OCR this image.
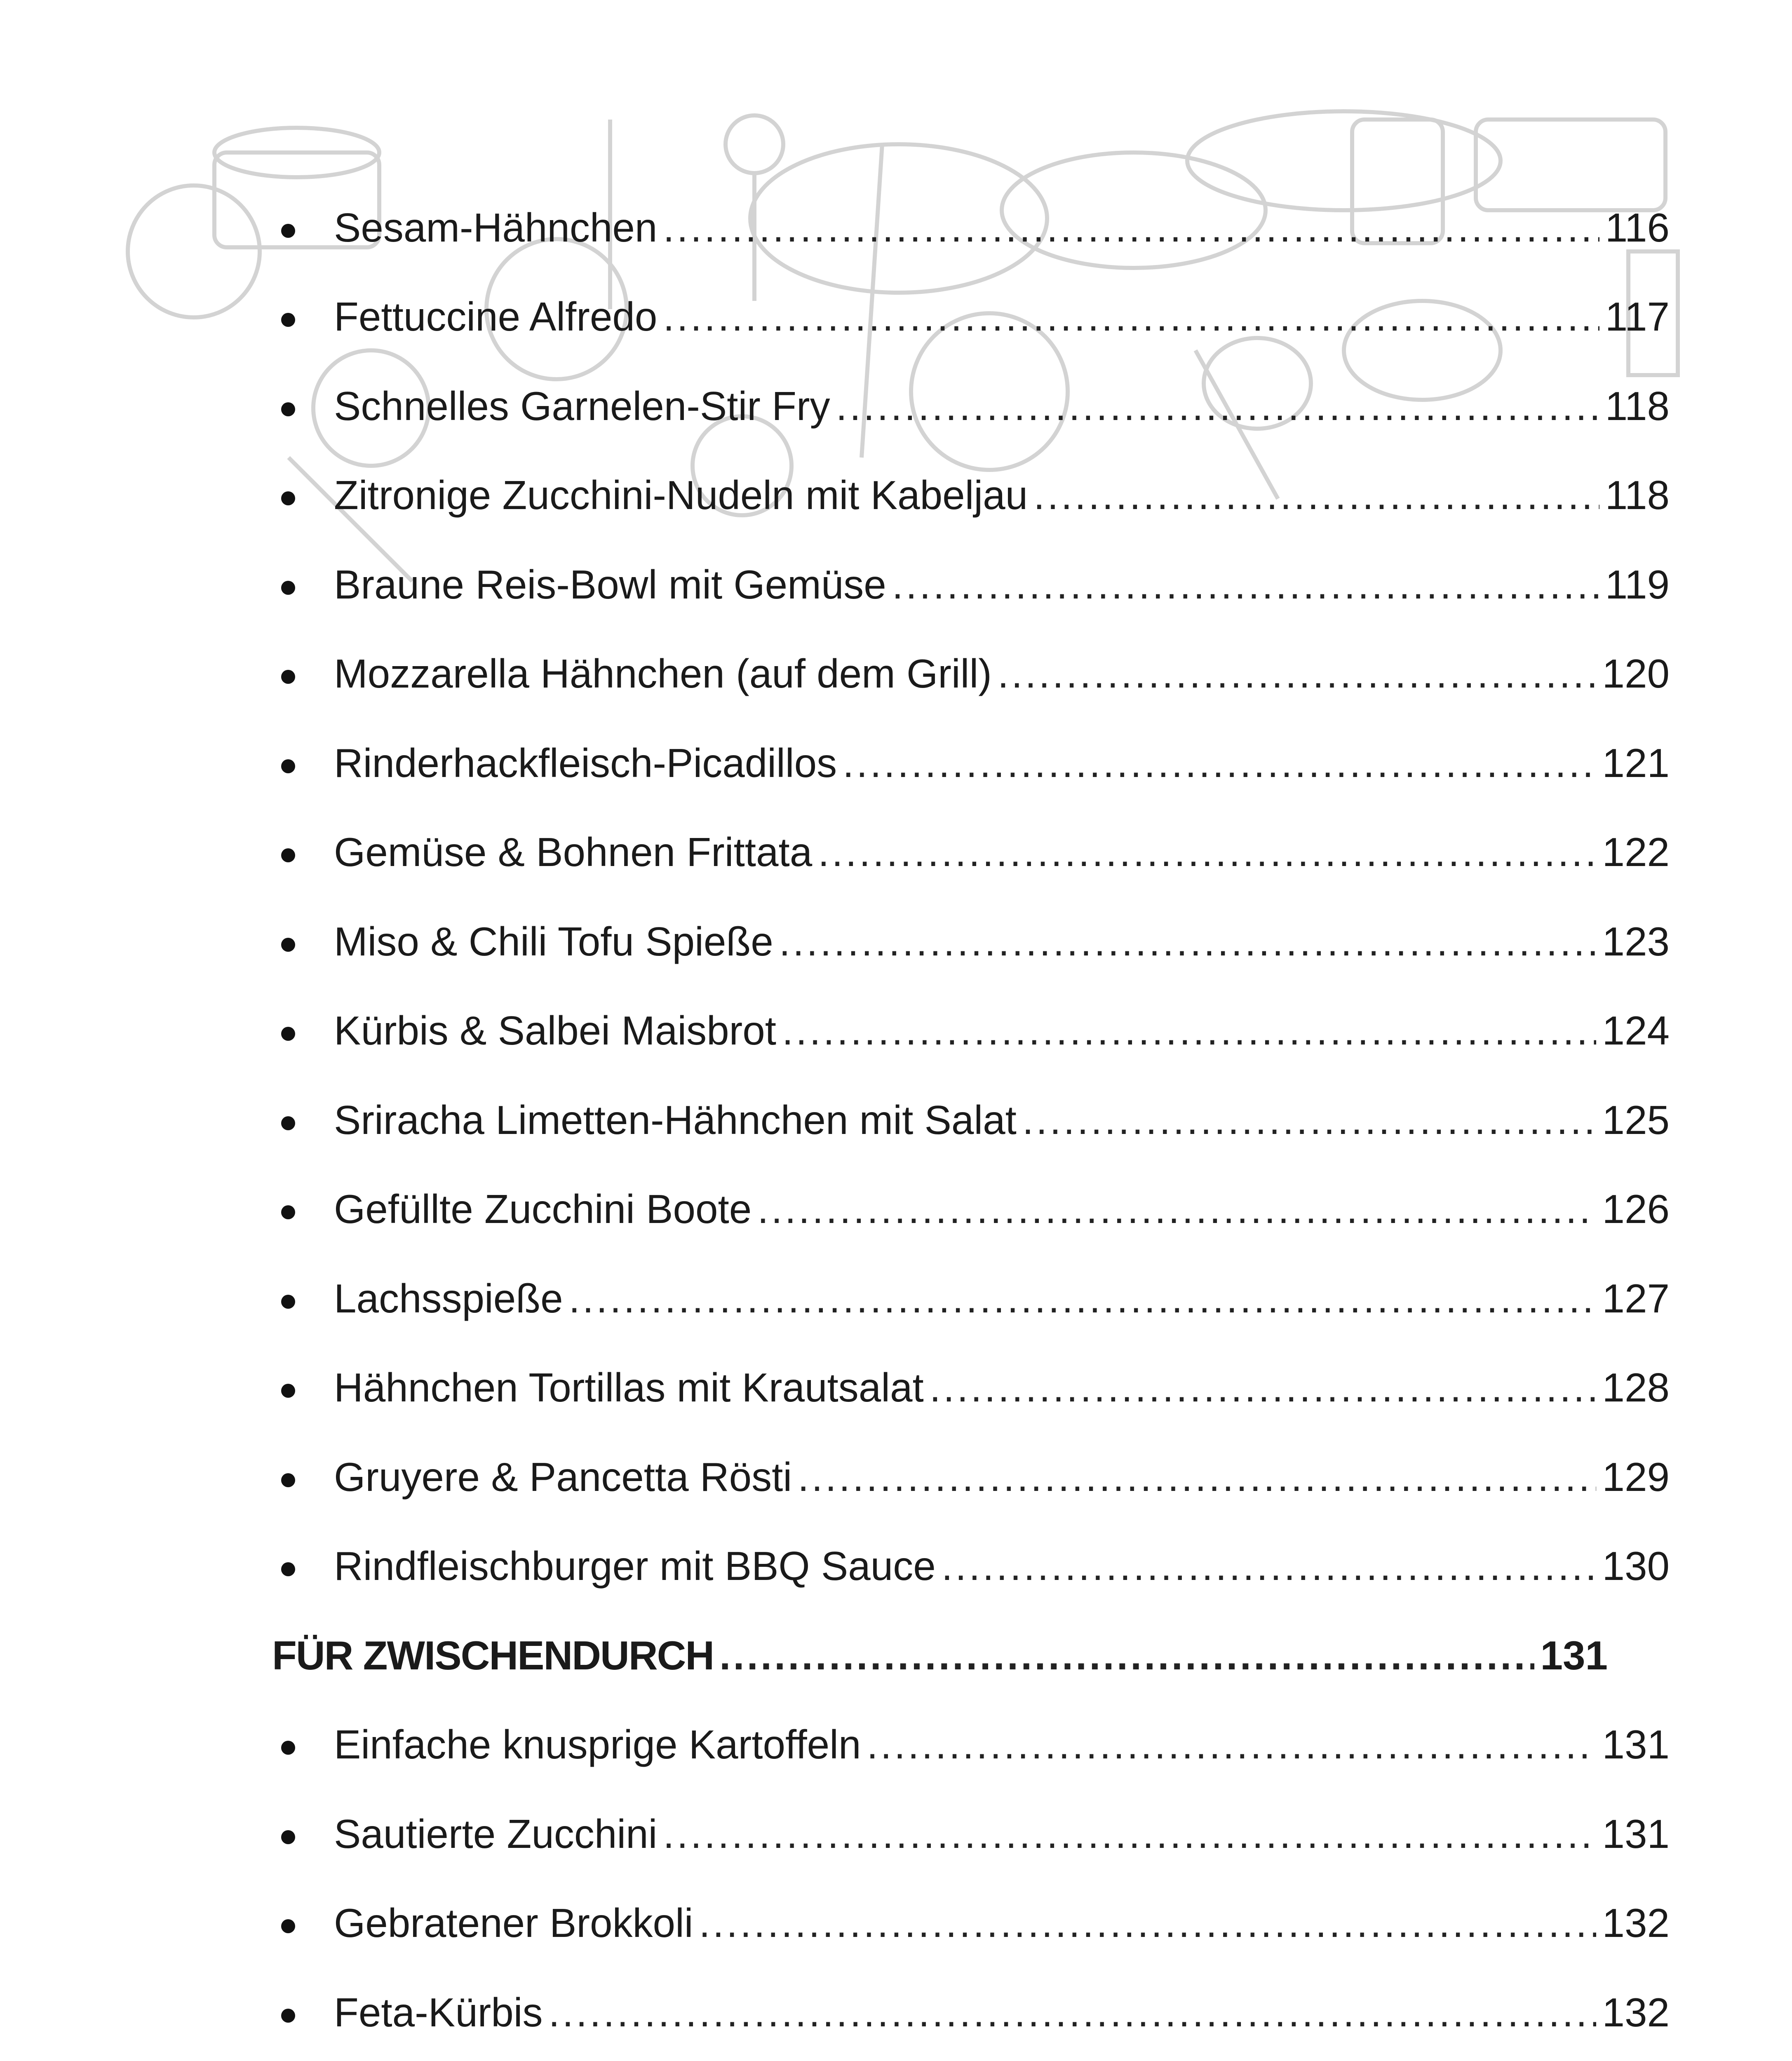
Sesam-Hähnchen .....	116
Fettuccine Alfredo .....	117
Schnelles Garnelen-Stir Fry .....	118
Zitronige Zucchini-Nudeln mit Kabeljau .....	118
Braune Reis-Bowl mit Gemüse .....	119
Mozzarella Hähnchen (auf dem Grill) .....	120
Rinderhackfleisch-Picadillos .....	121
Gemüse & Bohnen Frittata .....	122
Miso & Chili Tofu Spieße .....	123
Kürbis & Salbei Maisbrot .....	124
Sriracha Limetten-Hähnchen mit Salat .....	125
Gefüllte Zucchini Boote .....	126
Lachsspieße .....	127
Hähnchen Tortillas mit Krautsalat .....	128
Gruyere & Pancetta Rösti .....	129
Rindfleischburger mit BBQ Sauce .....	130
FÜR ZWISCHENDURCH .....	131
Einfache knusprige Kartoffeln .....	131
Sautierte Zucchini .....	131
Gebratener Brokkoli .....	132
Feta-Kürbis .....	132
